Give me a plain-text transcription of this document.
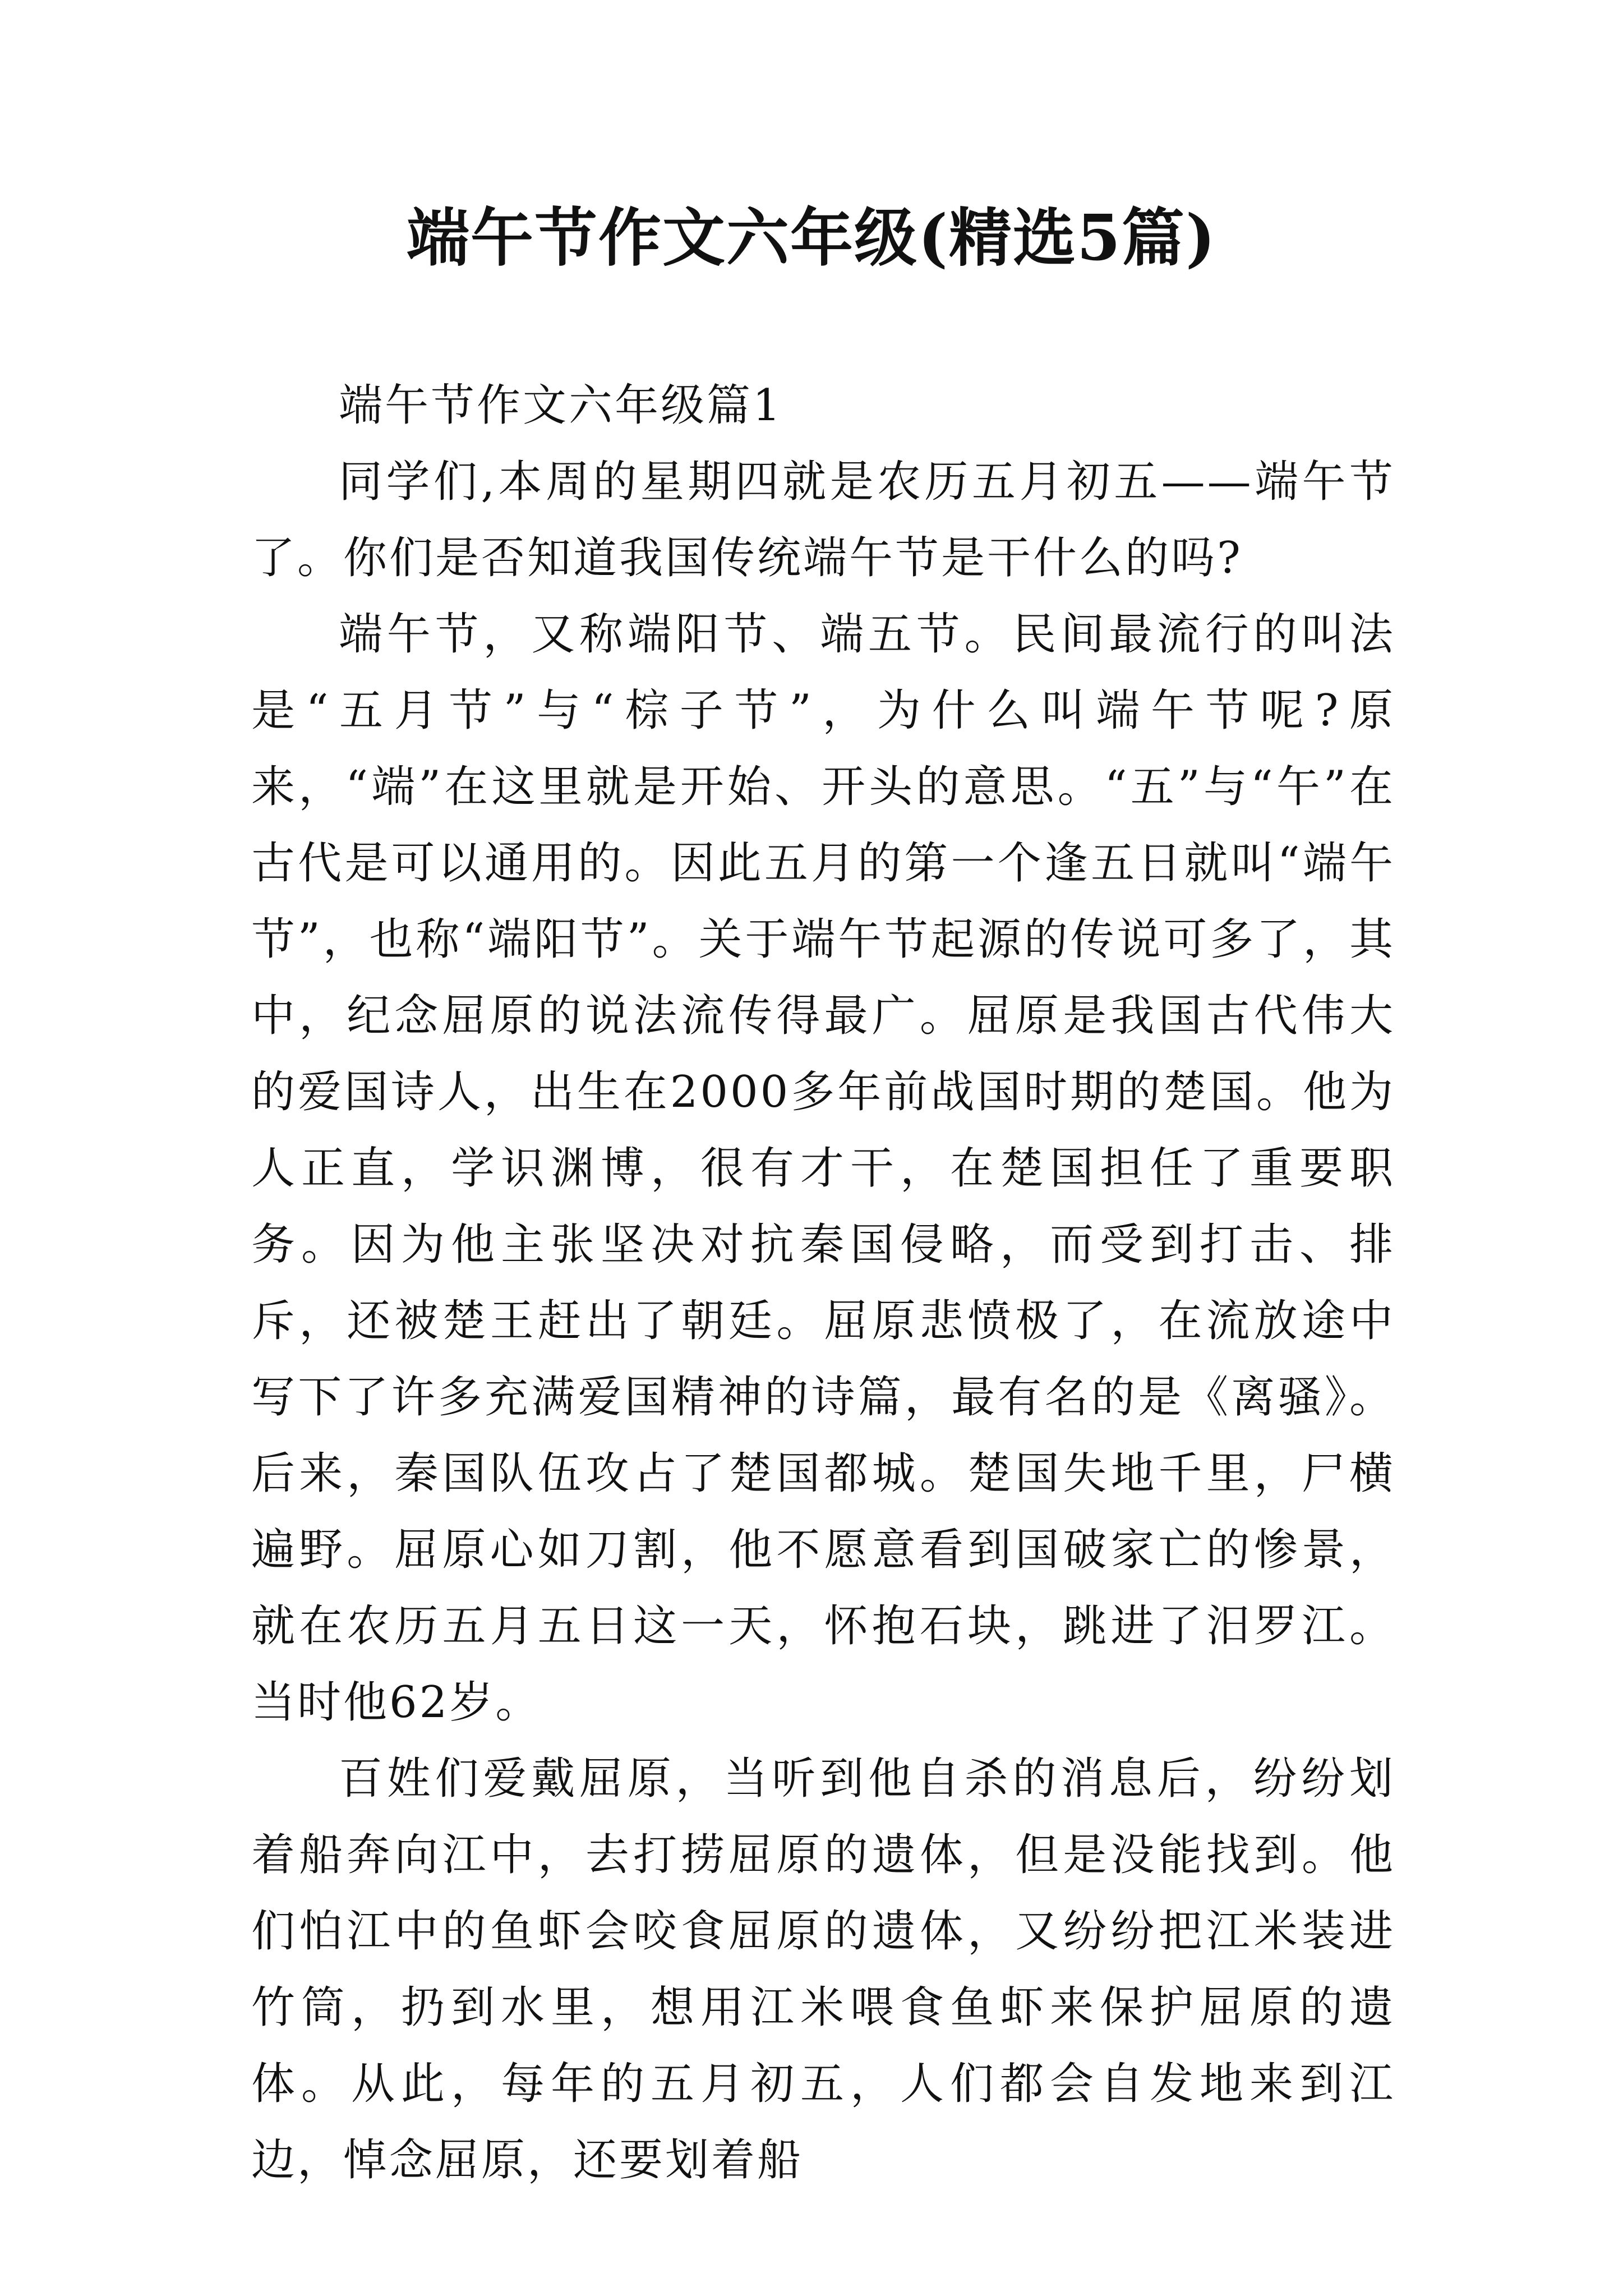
端午节作文六年级(精选5篇)

端午节作文六年级篇1

同学们,本周的星期四就是农历五月初五——端午节了。你们是否知道我国传统端午节是干什么的吗?

端午节，又称端阳节、端五节。民间最流行的叫法是“五月节”与“棕子节”，为什么叫端午节呢?原来，“端”在这里就是开始、开头的意思。“五”与“午”在古代是可以通用的。因此五月的第一个逢五日就叫“端午节”，也称“端阳节”。关于端午节起源的传说可多了，其中，纪念屈原的说法流传得最广。屈原是我国古代伟大的爱国诗人，出生在2000多年前战国时期的楚国。他为人正直，学识渊博，很有才干，在楚国担任了重要职务。因为他主张坚决对抗秦国侵略，而受到打击、排斥，还被楚王赶出了朝廷。屈原悲愤极了，在流放途中写下了许多充满爱国精神的诗篇，最有名的是《离骚》。后来，秦国队伍攻占了楚国都城。楚国失地千里，尸横遍野。屈原心如刀割，他不愿意看到国破家亡的惨景，就在农历五月五日这一天，怀抱石块，跳进了汨罗江。当时他62岁。

百姓们爱戴屈原，当听到他自杀的消息后，纷纷划着船奔向江中，去打捞屈原的遗体，但是没能找到。他们怕江中的鱼虾会咬食屈原的遗体，又纷纷把江米装进竹筒，扔到水里，想用江米喂食鱼虾来保护屈原的遗体。从此，每年的五月初五，人们都会自发地来到江边，悼念屈原，还要划着船
